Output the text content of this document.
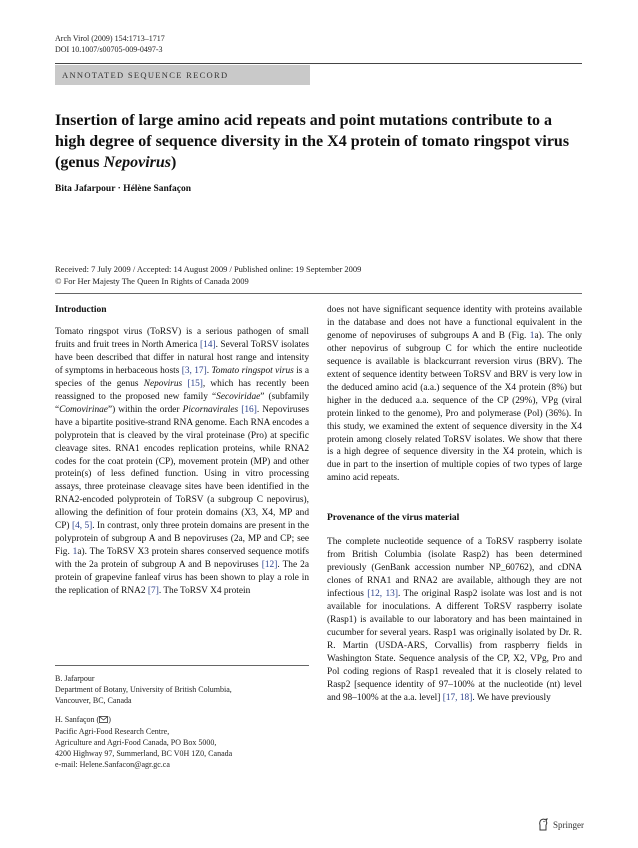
Arch Virol (2009) 154:1713–1717
DOI 10.1007/s00705-009-0497-3
ANNOTATED SEQUENCE RECORD
Insertion of large amino acid repeats and point mutations contribute to a high degree of sequence diversity in the X4 protein of tomato ringspot virus (genus Nepovirus)
Bita Jafarpour · Hélène Sanfaçon
Received: 7 July 2009 / Accepted: 14 August 2009 / Published online: 19 September 2009
© For Her Majesty The Queen In Rights of Canada 2009

Introduction

Tomato ringspot virus (ToRSV) is a serious pathogen of small fruits and fruit trees in North America [14]. Several ToRSV isolates have been described that differ in natural host range and intensity of symptoms in herbaceous hosts [3, 17]. Tomato ringspot virus is a species of the genus Nepovirus [15], which has recently been reassigned to the proposed new family “Secoviridae” (subfamily “Comovirinae”) within the order Picornavirales [16]. Nepoviruses have a bipartite positive-strand RNA genome. Each RNA encodes a polyprotein that is cleaved by the viral proteinase (Pro) at specific cleavage sites. RNA1 encodes replication proteins, while RNA2 codes for the coat protein (CP), movement protein (MP) and other protein(s) of less defined function. Using in vitro processing assays, three proteinase cleavage sites have been identified in the RNA2-encoded polyprotein of ToRSV (a subgroup C nepovirus), allowing the definition of four protein domains (X3, X4, MP and CP) [4, 5]. In contrast, only three protein domains are present in the polyprotein of subgroup A and B nepoviruses (2a, MP and CP; see Fig. 1a). The ToRSV X3 protein shares conserved sequence motifs with the 2a protein of subgroup A and B nepoviruses [12]. The 2a protein of grapevine fanleaf virus has been shown to play a role in the replication of RNA2 [7]. The ToRSV X4 protein

B. Jafarpour
Department of Botany, University of British Columbia,
Vancouver, BC, Canada
H. Sanfaçon ( )
Pacific Agri-Food Research Centre,
Agriculture and Agri-Food Canada, PO Box 5000,
4200 Highway 97, Summerland, BC V0H 1Z0, Canada
e-mail: Helene.Sanfacon@agr.gc.ca

does not have significant sequence identity with proteins available in the database and does not have a functional equivalent in the genome of nepoviruses of subgroups A and B (Fig. 1a). The only other nepovirus of subgroup C for which the entire nucleotide sequence is available is blackcurrant reversion virus (BRV). The extent of sequence identity between ToRSV and BRV is very low in the deduced amino acid (a.a.) sequence of the X4 protein (8%) but higher in the deduced a.a. sequence of the CP (29%), VPg (viral protein linked to the genome), Pro and polymerase (Pol) (36%). In this study, we examined the extent of sequence diversity in the X4 protein among closely related ToRSV isolates. We show that there is a high degree of sequence diversity in the X4 protein, which is due in part to the insertion of multiple copies of two types of large amino acid repeats.

Provenance of the virus material

The complete nucleotide sequence of a ToRSV raspberry isolate from British Columbia (isolate Rasp2) has been determined previously (GenBank accession number NP_60762), and cDNA clones of RNA1 and RNA2 are available, although they are not infectious [12, 13]. The original Rasp2 isolate was lost and is not available for inoculations. A different ToRSV raspberry isolate (Rasp1) is available to our laboratory and has been maintained in cucumber for several years. Rasp1 was originally isolated by Dr. R. R. Martin (USDA-ARS, Corvallis) from raspberry fields in Washington State. Sequence analysis of the CP, X2, VPg, Pro and Pol coding regions of Rasp1 revealed that it is closely related to Rasp2 [sequence identity of 97–100% at the nucleotide (nt) level and 98–100% at the a.a. level] [17, 18]. We have previously

Springer
